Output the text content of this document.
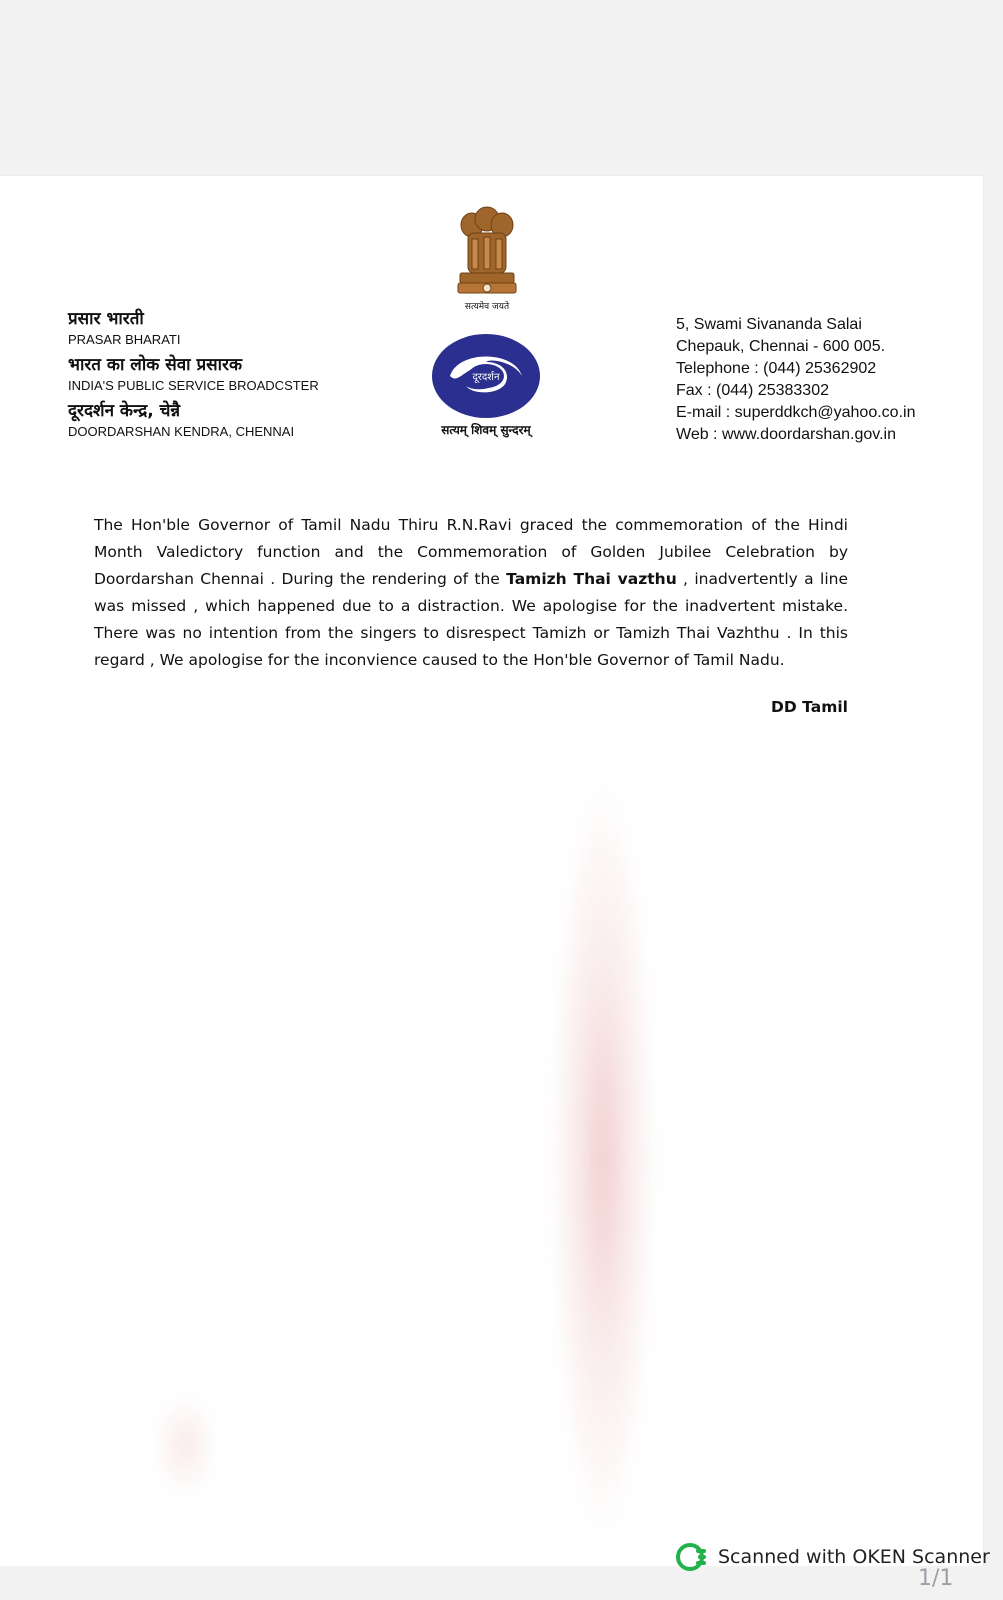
प्रसार भारती
PRASAR BHARATI
भारत का लोक सेवा प्रसारक
INDIA'S PUBLIC SERVICE BROADCSTER
दूरदर्शन केन्द्र, चेन्नै
DOORDARSHAN KENDRA, CHENNAI
सत्यमेव जयते
दूरदर्शन
सत्यम् शिवम् सुन्दरम्
5, Swami Sivananda Salai
Chepauk, Chennai - 600 005.
Telephone : (044) 25362902
Fax : (044) 25383302
E-mail : superddkch@yahoo.co.in
Web : www.doordarshan.gov.in
The Hon'ble Governor of Tamil Nadu Thiru R.N.Ravi graced the commemoration of the Hindi Month Valedictory function and the Commemoration of Golden Jubilee Celebration by Doordarshan Chennai . During the rendering of the Tamizh Thai vazthu , inadvertently a line was missed , which happened due to a distraction. We apologise for the inadvertent mistake. There was no intention from the singers to disrespect Tamizh or Tamizh Thai Vazhthu . In this regard , We apologise for the inconvience caused to the Hon'ble Governor of Tamil Nadu.
DD Tamil
Scanned with OKEN Scanner
1/1
